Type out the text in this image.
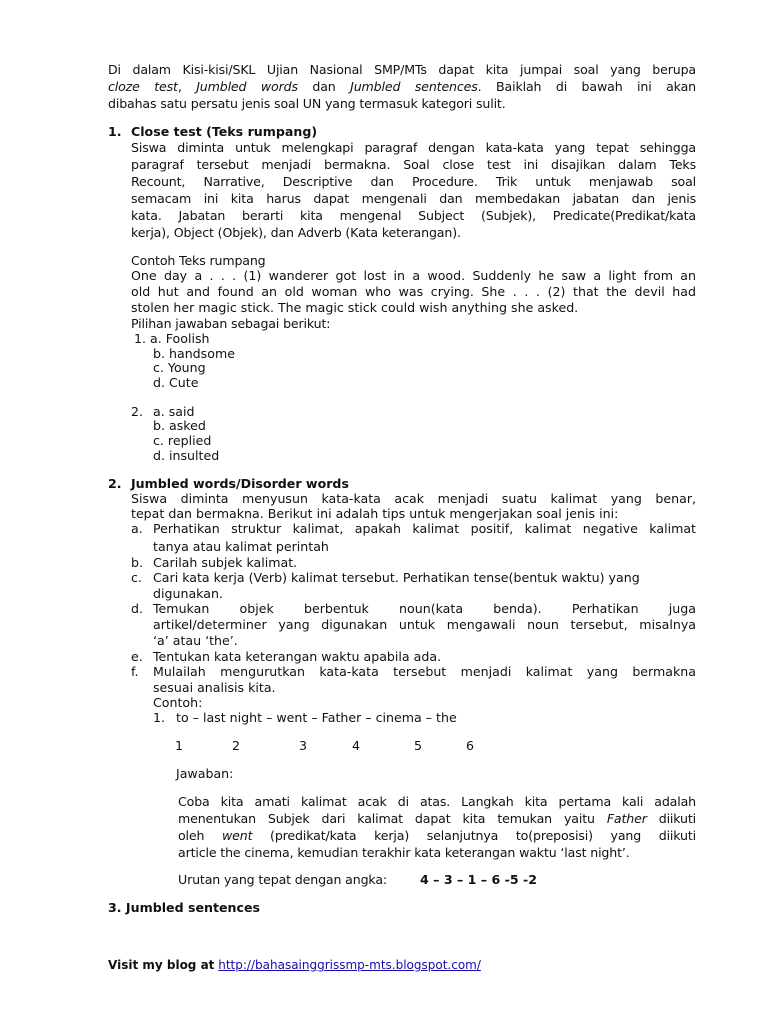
Di dalam Kisi-kisi/SKL Ujian Nasional SMP/MTs dapat kita jumpai soal yang berupa
cloze test, Jumbled words dan Jumbled sentences. Baiklah di bawah ini akan
dibahas satu persatu jenis soal UN yang termasuk kategori sulit.
1. Close test (Teks rumpang)
Siswa diminta untuk melengkapi paragraf dengan kata-kata yang tepat sehingga
paragraf tersebut menjadi bermakna. Soal close test ini disajikan dalam Teks
Recount, Narrative, Descriptive dan Procedure. Trik untuk menjawab soal
semacam ini kita harus dapat mengenali dan membedakan jabatan dan jenis
kata. Jabatan berarti kita mengenal Subject (Subjek), Predicate(Predikat/kata
kerja), Object (Objek), dan Adverb (Kata keterangan).
Contoh Teks rumpang
One day a . . . (1) wanderer got lost in a wood. Suddenly he saw a light from an
old hut and found an old woman who was crying. She . . . (2) that the devil had
stolen her magic stick. The magic stick could wish anything she asked.
Pilihan jawaban sebagai berikut:
1. a. Foolish
b. handsome
c. Young
d. Cute
2. a. said
b. asked
c. replied
d. insulted
2. Jumbled words/Disorder words
Siswa diminta menyusun kata-kata acak menjadi suatu kalimat yang benar,
tepat dan bermakna. Berikut ini adalah tips untuk mengerjakan soal jenis ini:
a. Perhatikan struktur kalimat, apakah kalimat positif, kalimat negative kalimat
tanya atau kalimat perintah
b. Carilah subjek kalimat.
c. Cari kata kerja (Verb) kalimat tersebut. Perhatikan tense(bentuk waktu) yang
digunakan.
d. Temukan objek berbentuk noun(kata benda). Perhatikan juga
artikel/determiner yang digunakan untuk mengawali noun tersebut, misalnya
‘a’ atau ‘the’.
e. Tentukan kata keterangan waktu apabila ada.
f. Mulailah mengurutkan kata-kata tersebut menjadi kalimat yang bermakna
sesuai analisis kita.
Contoh:
1. to – last night – went – Father – cinema – the
1	2	3	4	5	6
Jawaban:
Coba kita amati kalimat acak di atas. Langkah kita pertama kali adalah
menentukan Subjek dari kalimat dapat kita temukan yaitu Father diikuti
oleh went (predikat/kata kerja) selanjutnya to(preposisi) yang diikuti
article the cinema, kemudian terakhir kata keterangan waktu ‘last night’.
Urutan yang tepat dengan angka:	4 – 3 – 1 – 6 -5 -2
3. Jumbled sentences
Visit my blog at http://bahasainggrissmp-mts.blogspot.com/
